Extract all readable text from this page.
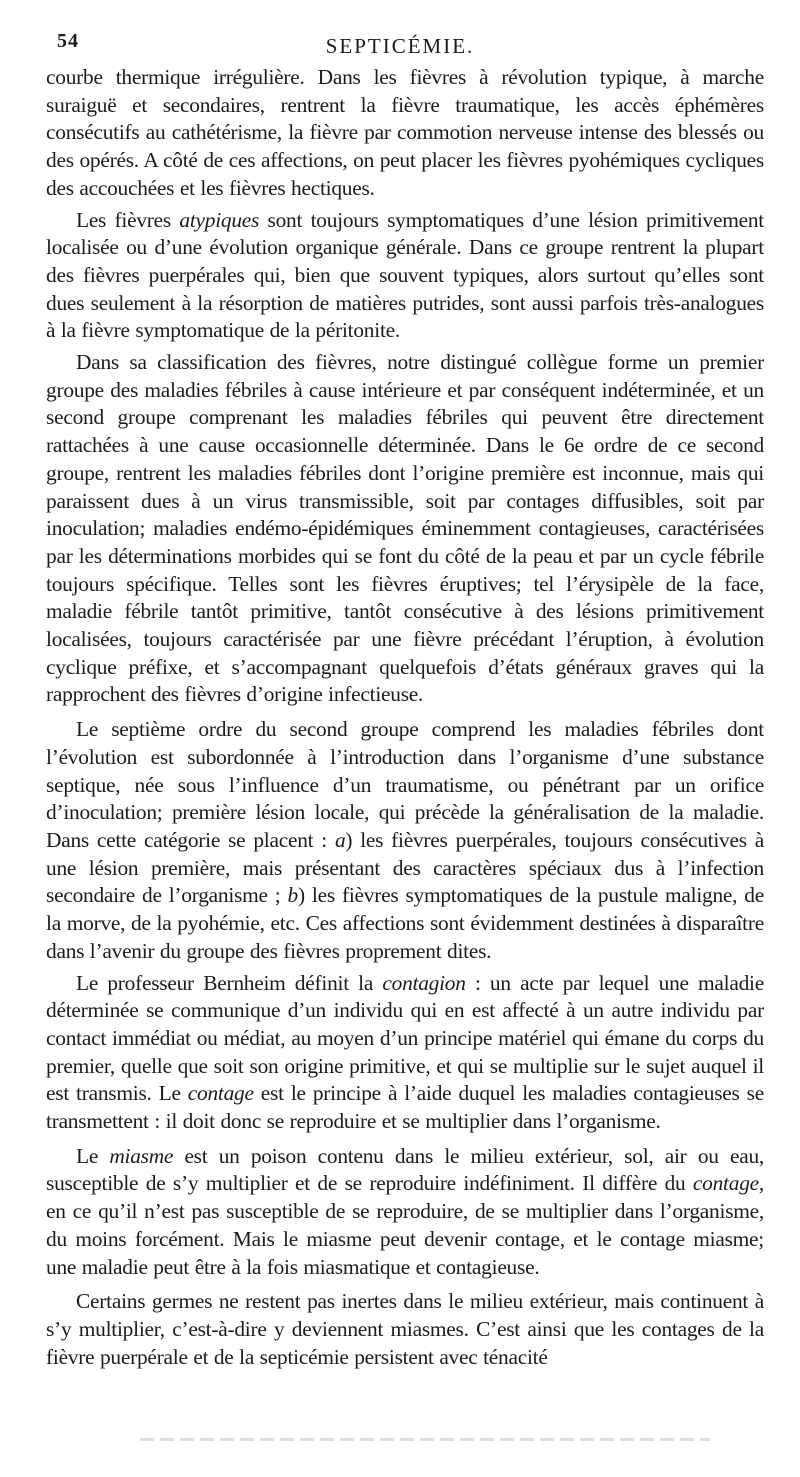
54	SEPTICÉMIE.

courbe thermique irrégulière. Dans les fièvres à révolution typique, à marche suraiguë et secondaires, rentrent la fièvre traumatique, les accès éphémères consécutifs au cathétérisme, la fièvre par commotion nerveuse intense des blessés ou des opérés. A côté de ces affections, on peut placer les fièvres pyohémiques cycliques des accouchées et les fièvres hectiques.

Les fièvres atypiques sont toujours symptomatiques d’une lésion primitivement localisée ou d’une évolution organique générale. Dans ce groupe rentrent la plupart des fièvres puerpérales qui, bien que souvent typiques, alors surtout qu’elles sont dues seulement à la résorption de matières putrides, sont aussi parfois très-analogues à la fièvre symptomatique de la péritonite.

Dans sa classification des fièvres, notre distingué collègue forme un premier groupe des maladies fébriles à cause intérieure et par conséquent indéterminée, et un second groupe comprenant les maladies fébriles qui peuvent être directement rattachées à une cause occasionnelle déterminée. Dans le 6e ordre de ce second groupe, rentrent les maladies fébriles dont l’origine première est inconnue, mais qui paraissent dues à un virus transmissible, soit par contages diffusibles, soit par inoculation; maladies endémo-épidémiques éminemment contagieuses, caractérisées par les déterminations morbides qui se font du côté de la peau et par un cycle fébrile toujours spécifique. Telles sont les fièvres éruptives; tel l’érysipèle de la face, maladie fébrile tantôt primitive, tantôt consécutive à des lésions primitivement localisées, toujours caractérisée par une fièvre précédant l’éruption, à évolution cyclique préfixe, et s’accompagnant quelquefois d’états généraux graves qui la rapprochent des fièvres d’origine infectieuse.

Le septième ordre du second groupe comprend les maladies fébriles dont l’évolution est subordonnée à l’introduction dans l’organisme d’une substance septique, née sous l’influence d’un traumatisme, ou pénétrant par un orifice d’inoculation; première lésion locale, qui précède la généralisation de la maladie. Dans cette catégorie se placent : a) les fièvres puerpérales, toujours consécutives à une lésion première, mais présentant des caractères spéciaux dus à l’infection secondaire de l’organisme ; b) les fièvres symptomatiques de la pustule maligne, de la morve, de la pyohémie, etc. Ces affections sont évidemment destinées à disparaître dans l’avenir du groupe des fièvres proprement dites.

Le professeur Bernheim définit la contagion : un acte par lequel une maladie déterminée se communique d’un individu qui en est affecté à un autre individu par contact immédiat ou médiat, au moyen d’un principe matériel qui émane du corps du premier, quelle que soit son origine primitive, et qui se multiplie sur le sujet auquel il est transmis. Le contage est le principe à l’aide duquel les maladies contagieuses se transmettent : il doit donc se reproduire et se multiplier dans l’organisme.

Le miasme est un poison contenu dans le milieu extérieur, sol, air ou eau, susceptible de s’y multiplier et de se reproduire indéfiniment. Il diffère du contage, en ce qu’il n’est pas susceptible de se reproduire, de se multiplier dans l’organisme, du moins forcément. Mais le miasme peut devenir contage, et le contage miasme; une maladie peut être à la fois miasmatique et contagieuse.

Certains germes ne restent pas inertes dans le milieu extérieur, mais continuent à s’y multiplier, c’est-à-dire y deviennent miasmes. C’est ainsi que les contages de la fièvre puerpérale et de la septicémie persistent avec ténacité
